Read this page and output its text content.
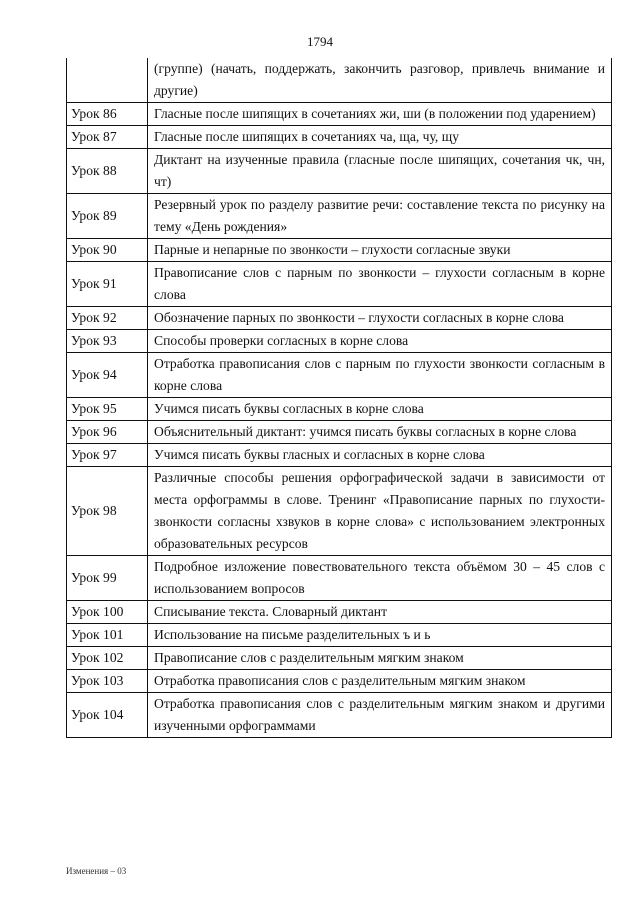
1794
	(группе) (начать, поддержать, закончить разговор, привлечь внимание и другие)
Урок 86	Гласные после шипящих в сочетаниях жи, ши (в положении под ударением)
Урок 87	Гласные после шипящих в сочетаниях ча, ща, чу, щу
Урок 88	Диктант на изученные правила (гласные после шипящих, сочетания чк, чн, чт)
Урок 89	Резервный урок по разделу развитие речи: составление текста по рисунку на тему «День рождения»
Урок 90	Парные и непарные по звонкости – глухости согласные звуки
Урок 91	Правописание слов с парным по звонкости – глухости согласным в корне слова
Урок 92	Обозначение парных по звонкости – глухости согласных в корне слова
Урок 93	Способы проверки согласных в корне слова
Урок 94	Отработка правописания слов с парным по глухости звонкости согласным в корне слова
Урок 95	Учимся писать буквы согласных в корне слова
Урок 96	Объяснительный диктант: учимся писать буквы согласных в корне слова
Урок 97	Учимся писать буквы гласных и согласных в корне слова
Урок 98	Различные способы решения орфографической задачи в зависимости от места орфограммы в слове. Тренинг «Правописание парных по глухости-звонкости согласны хзвуков в корне слова» с использованием электронных образовательных ресурсов
Урок 99	Подробное изложение повествовательного текста объёмом 30 – 45 слов с использованием вопросов
Урок 100	Списывание текста. Словарный диктант
Урок 101	Использование на письме разделительных ъ и ь
Урок 102	Правописание слов с разделительным мягким знаком
Урок 103	Отработка правописания слов с разделительным мягким знаком
Урок 104	Отработка правописания слов с разделительным мягким знаком и другими изученными орфограммами
Изменения – 03
